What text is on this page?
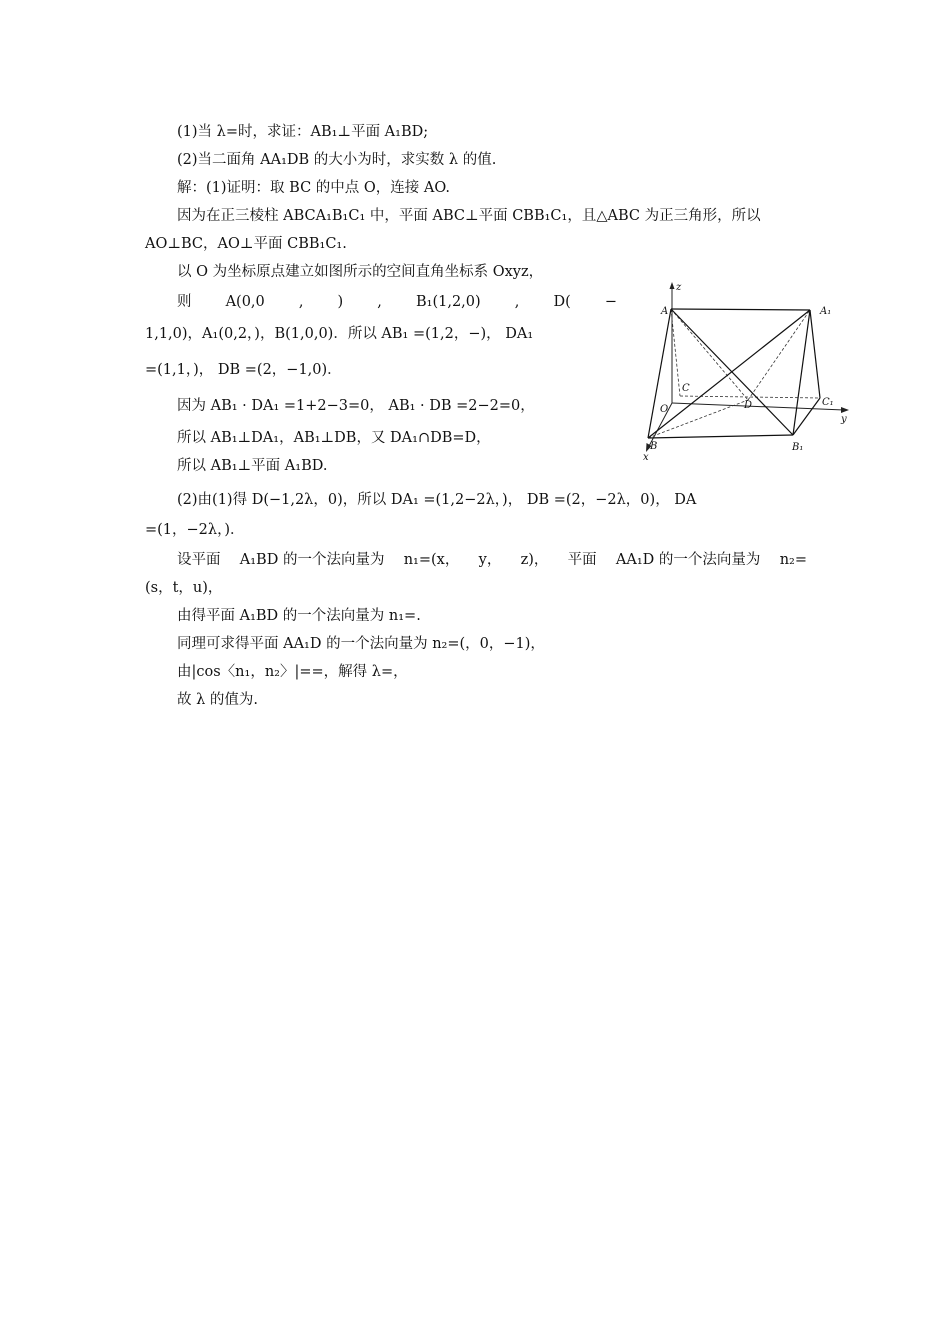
(1)当 λ=时，求证：AB₁⊥平面 A₁BD;
(2)当二面角 AA₁DB 的大小为时，求实数 λ 的值.
解：(1)证明：取 BC 的中点 O，连接 AO.
因为在正三棱柱 ABCA₁B₁C₁ 中，平面 ABC⊥平面 CBB₁C₁，且△ABC 为正三角形，所以
AO⊥BC，AO⊥平面 CBB₁C₁.
以 O 为坐标原点建立如图所示的空间直角坐标系 Oxyz，
则 A(0,0 , ) , B₁(1,2,0) , D( −
1,1,0)，A₁(0,2，)，B(1,0,0)．所以 AB₁ =(1,2，−)， DA₁
=(1,1，)， DB =(2，−1,0)．
因为 AB₁ · DA₁ =1+2−3=0， AB₁ · DB =2−2=0，
所以 AB₁⊥DA₁，AB₁⊥DB，又 DA₁∩DB=D，
所以 AB₁⊥平面 A₁BD.
(2)由(1)得 D(−1,2λ，0)，所以 DA₁ =(1,2−2λ，)， DB =(2，−2λ，0)， DA
=(1，−2λ，)．
设平面 A₁BD 的一个法向量为 n₁=(x， y， z)， 平面 AA₁D 的一个法向量为 n₂=
(s，t，u)，
由得平面 A₁BD 的一个法向量为 n₁=.
同理可求得平面 AA₁D 的一个法向量为 n₂=(，0，−1)，
由|cos〈n₁，n₂〉|==，解得 λ=，
故 λ 的值为.
z
y
x
A	A₁
C
C₁
O	D
B	B₁
